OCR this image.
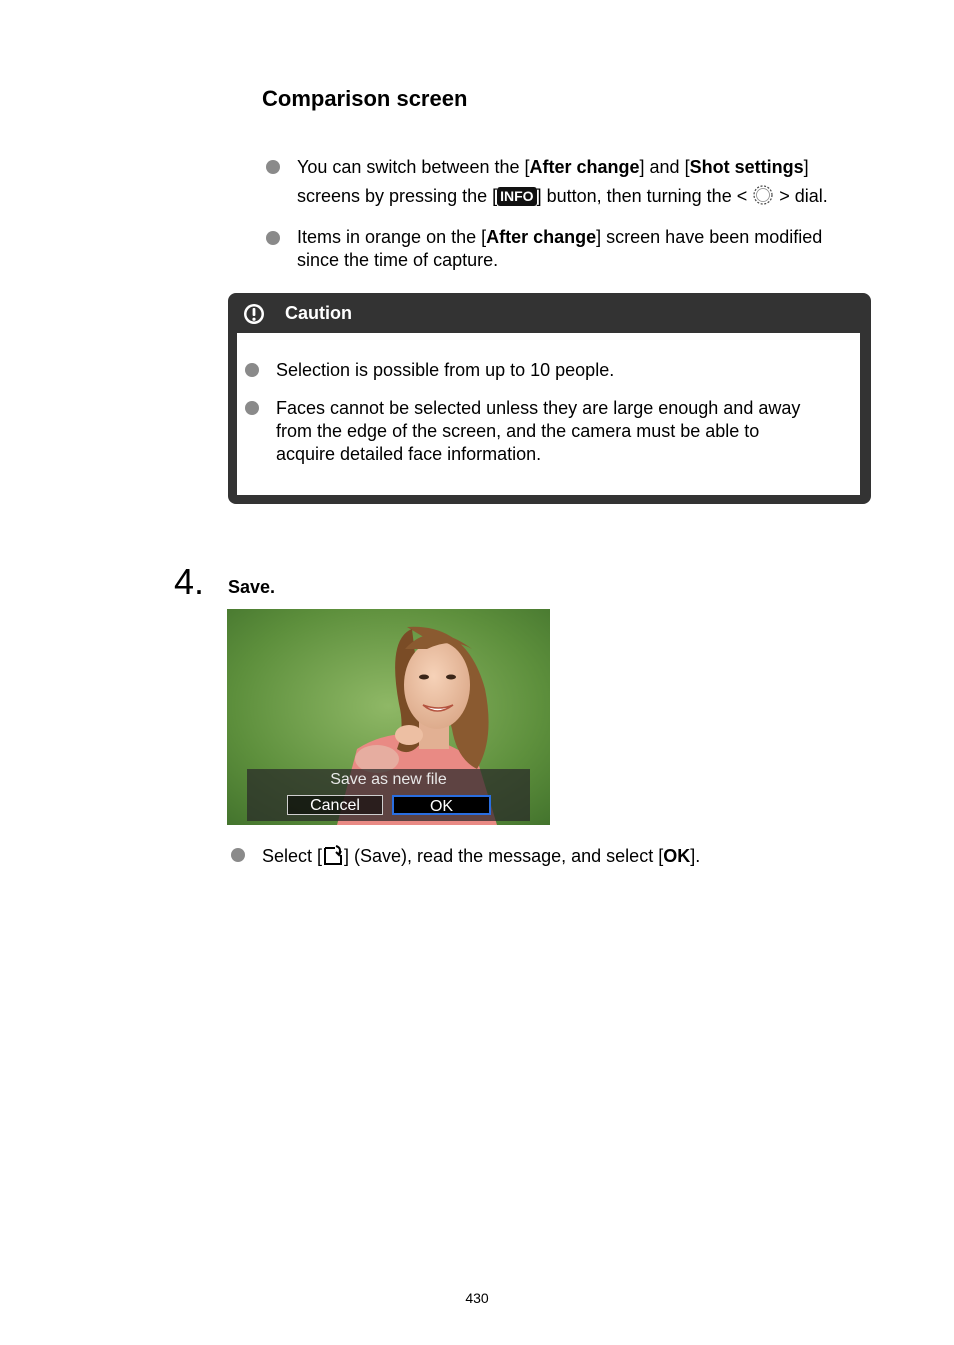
Comparison screen
You can switch between the [After change] and [Shot settings]
screens by pressing the [ INFO ] button, then turning the < > dial.
Items in orange on the [After change] screen have been modified
since the time of capture.
Caution
Selection is possible from up to 10 people.
Faces cannot be selected unless they are large enough and away
from the edge of the screen, and the camera must be able to
acquire detailed face information.
4. Save.
Save as new file
Cancel	OK
Select [ ] (Save), read the message, and select [OK].
430
